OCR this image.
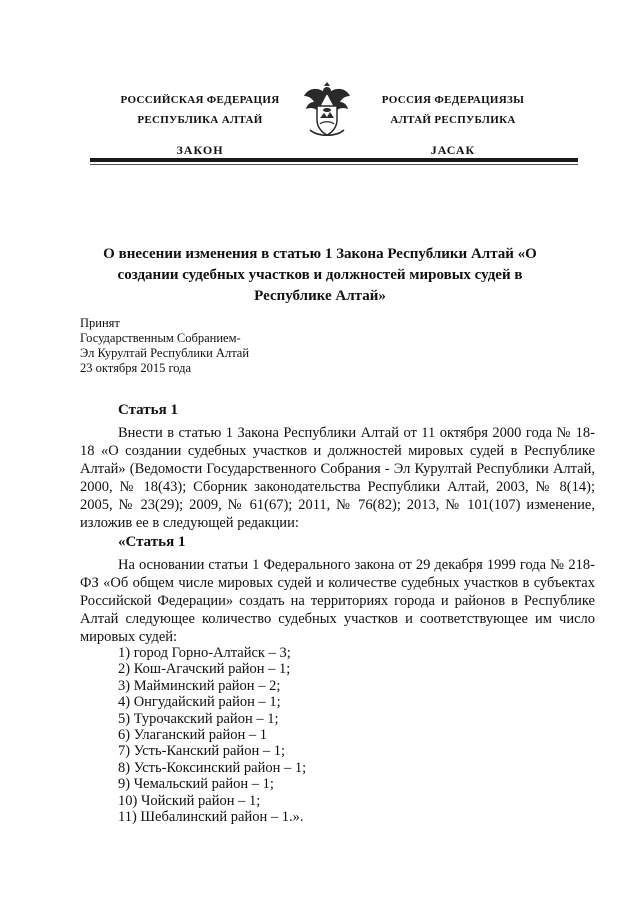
РОССИЙСКАЯ ФЕДЕРАЦИЯ
РЕСПУБЛИКА АЛТАЙ
ЗАКОН
РОССИЯ ФЕДЕРАЦИЯЗЫ
АЛТАЙ РЕСПУБЛИКА
JАСАК
О внесении изменения в статью 1 Закона Республики Алтай «О создании судебных участков и должностей мировых судей в Республике Алтай»
Принят
Государственным Собранием-
Эл Курултай Республики Алтай
23 октября 2015 года
Статья 1
Внести в статью 1 Закона Республики Алтай от 11 октября 2000 года № 18-18 «О создании судебных участков и должностей мировых судей в Республике Алтай» (Ведомости Государственного Собрания - Эл Курултай Республики Алтай, 2000, № 18(43); Сборник законодательства Республики Алтай, 2003, № 8(14); 2005, № 23(29); 2009, № 61(67); 2011, № 76(82); 2013, № 101(107) изменение, изложив ее в следующей редакции:
«Статья 1
На основании статьи 1 Федерального закона от 29 декабря 1999 года № 218-ФЗ «Об общем числе мировых судей и количестве судебных участков в субъектах Российской Федерации» создать на территориях города и районов в Республике Алтай следующее количество судебных участков и соответствующее им число мировых судей:
1) город Горно-Алтайск – 3;
2) Кош-Агачский район – 1;
3) Майминский район – 2;
4) Онгудайский район – 1;
5) Турочакский район – 1;
6) Улаганский район – 1
7) Усть-Канский район – 1;
8) Усть-Коксинский район – 1;
9) Чемальский район – 1;
10) Чойский район – 1;
11) Шебалинский район – 1.».
